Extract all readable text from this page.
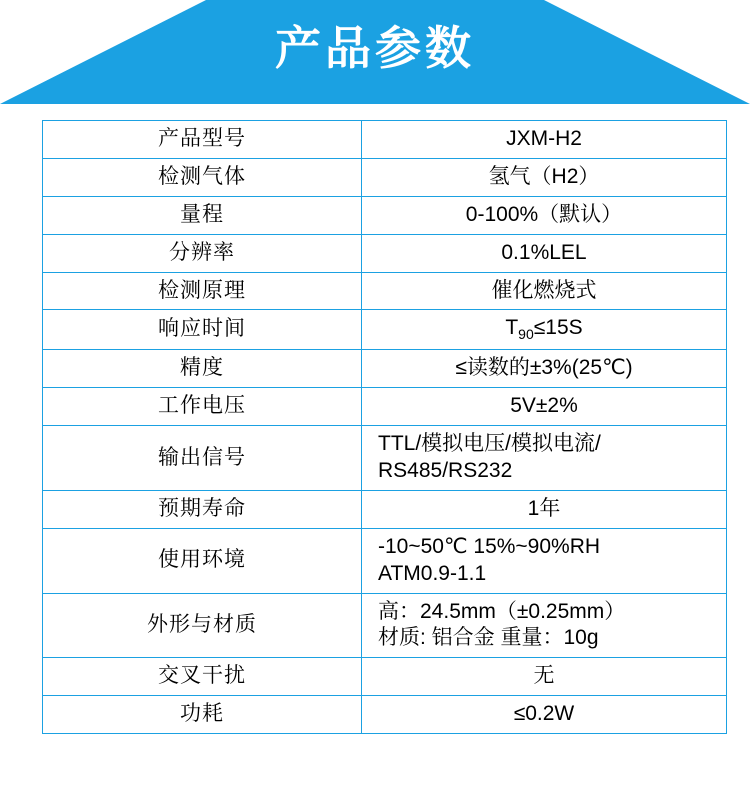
产品参数
产品型号	JXM-H2

检测气体	氢气（H2）

量程	0-100%（默认）

分辨率	0.1%LEL

检测原理	催化燃烧式

响应时间	$T_{90}\le 15S$

精度	≤读数的±3%(25℃)

工作电压	5V±2%

输出信号	TTL/模拟电压/模拟电流/
RS485/RS232

预期寿命	1年

使用环境	-10~50℃ 15%~90%RH
ATM0.9-1.1

外形与材质	高：24.5mm（±0.25mm）
材质: 铝合金 重量：10g

交叉干扰	无

功耗	≤0.2W
